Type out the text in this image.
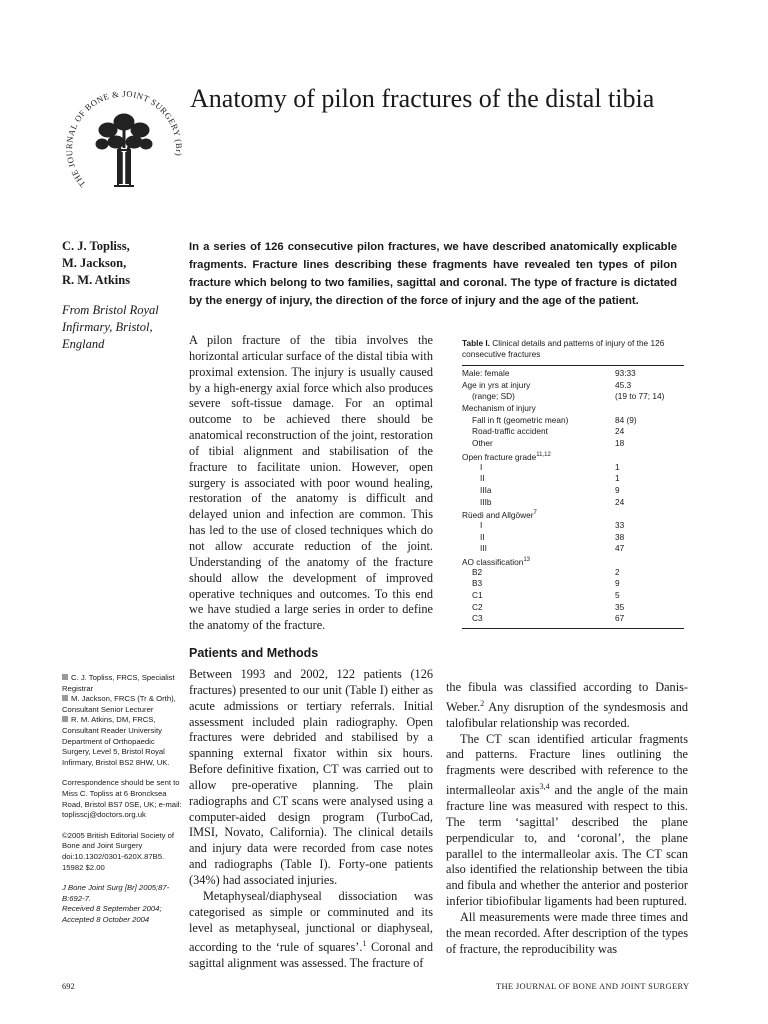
THE JOURNAL OF BONE & JOINT SURGERY (Br)
Anatomy of pilon fractures of the distal tibia
C. J. Topliss,
M. Jackson,
R. M. Atkins
From Bristol Royal
Infirmary, Bristol,
England
In a series of 126 consecutive pilon fractures, we have described anatomically explicable fragments. Fracture lines describing these fragments have revealed ten types of pilon fracture which belong to two families, sagittal and coronal. The type of fracture is dictated by the energy of injury, the direction of the force of injury and the age of the patient.

A pilon fracture of the tibia involves the horizontal articular surface of the distal tibia with proximal extension. The injury is usually caused by a high-energy axial force which also produces severe soft-tissue damage. For an optimal outcome to be achieved there should be anatomical reconstruction of the joint, restoration of tibial alignment and stabilisation of the fracture to facilitate union. However, open surgery is associated with poor wound healing, restoration of the anatomy is difficult and delayed union and infection are common. This has led to the use of closed techniques which do not allow accurate reduction of the joint. Understanding of the anatomy of the fracture should allow the development of improved operative techniques and outcomes. To this end we have studied a large series in order to define the anatomy of the fracture.

Patients and Methods

Between 1993 and 2002, 122 patients (126 fractures) presented to our unit (Table I) either as acute admissions or tertiary referrals. Initial assessment included plain radiography. Open fractures were debrided and stabilised by a spanning external fixator within six hours. Before definitive fixation, CT was carried out to allow pre-operative planning. The plain radiographs and CT scans were analysed using a computer-aided design program (TurboCad, IMSI, Novato, California). The clinical details and injury data were recorded from case notes and radiographs (Table I). Forty-one patients (34%) had associated injuries.

Metaphyseal/diaphyseal dissociation was categorised as simple or comminuted and its level as metaphyseal, junctional or diaphyseal, according to the ‘rule of squares’.$^1$ Coronal and sagittal alignment was assessed. The fracture of

the fibula was classified according to Danis-Weber.$^2$ Any disruption of the syndesmosis and talofibular relationship was recorded.

The CT scan identified articular fragments and patterns. Fracture lines outlining the fragments were described with reference to the intermalleolar axis$^{3,4}$ and the angle of the main fracture line was measured with respect to this. The term ‘sagittal’ described the plane perpendicular to, and ‘coronal’, the plane parallel to the intermalleolar axis. The CT scan also identified the relationship between the tibia and fibula and whether the anterior and posterior inferior tibiofibular ligaments had been ruptured.

All measurements were made three times and the mean recorded. After description of the types of fracture, the reproducibility was

Table I. Clinical details and patterns of injury of the 126 consecutive fractures
Male: female	93:33
Age in yrs at injury	45.3
(range; SD)	(19 to 77; 14)
Mechanism of injury
Fall in ft (geometric mean)	84 (9)
Road-traffic accident	24
Other	18
Open fracture grade$^{11,12}$
I	1
II	1
IIIa	9
IIIb	24
Rüedi and Allgöwer$^7$
I	33
II	38
III	47
AO classification$^{13}$
B2	2
B3	9
C1	5
C2	35
C3	67

C. J. Topliss, FRCS, Specialist Registrar

M. Jackson, FRCS (Tr & Orth), Consultant Senior Lecturer

R. M. Atkins, DM, FRCS, Consultant Reader University Department of Orthopaedic Surgery, Level 5, Bristol Royal Infirmary, Bristol BS2 8HW, UK.

Correspondence should be sent to Miss C. Topliss at 6 Broncksea Road, Bristol BS7 0SE, UK; e-mail: toplisscj@doctors.org.uk

©2005 British Editorial Society of Bone and Joint Surgery doi:10.1302/0301-620X.87B5. 15982 $2.00

J Bone Joint Surg [Br] 2005;87-B:692-7.
Received 8 September 2004;
Accepted 8 October 2004

692	THE JOURNAL OF BONE AND JOINT SURGERY
